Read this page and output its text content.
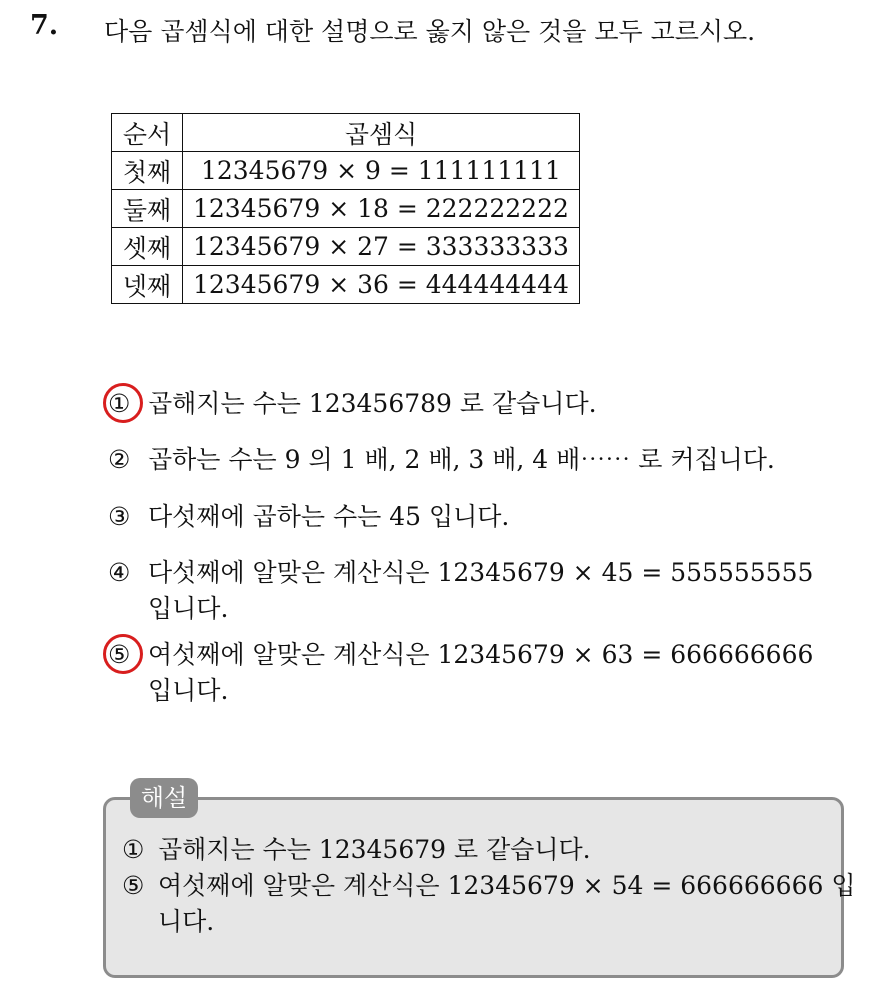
7. 다음 곱셈식에 대한 설명으로 옳지 않은 것을 모두 고르시오.
순서	곱셈식
첫째	12345679 × 9 = 111111111
둘째	12345679 × 18 = 222222222
셋째	12345679 × 27 = 333333333
넷째	12345679 × 36 = 444444444
① 곱해지는 수는 123456789 로 같습니다.
② 곱하는 수는 9 의 1 배, 2 배, 3 배, 4 배⋯⋯ 로 커집니다.
③ 다섯째에 곱하는 수는 45 입니다.
④ 다섯째에 알맞은 계산식은 12345679 × 45 = 555555555
입니다.
⑤ 여섯째에 알맞은 계산식은 12345679 × 63 = 666666666
입니다.
해설
① 곱해지는 수는 12345679 로 같습니다.
⑤ 여섯째에 알맞은 계산식은 12345679 × 54 = 666666666 입
니다.
